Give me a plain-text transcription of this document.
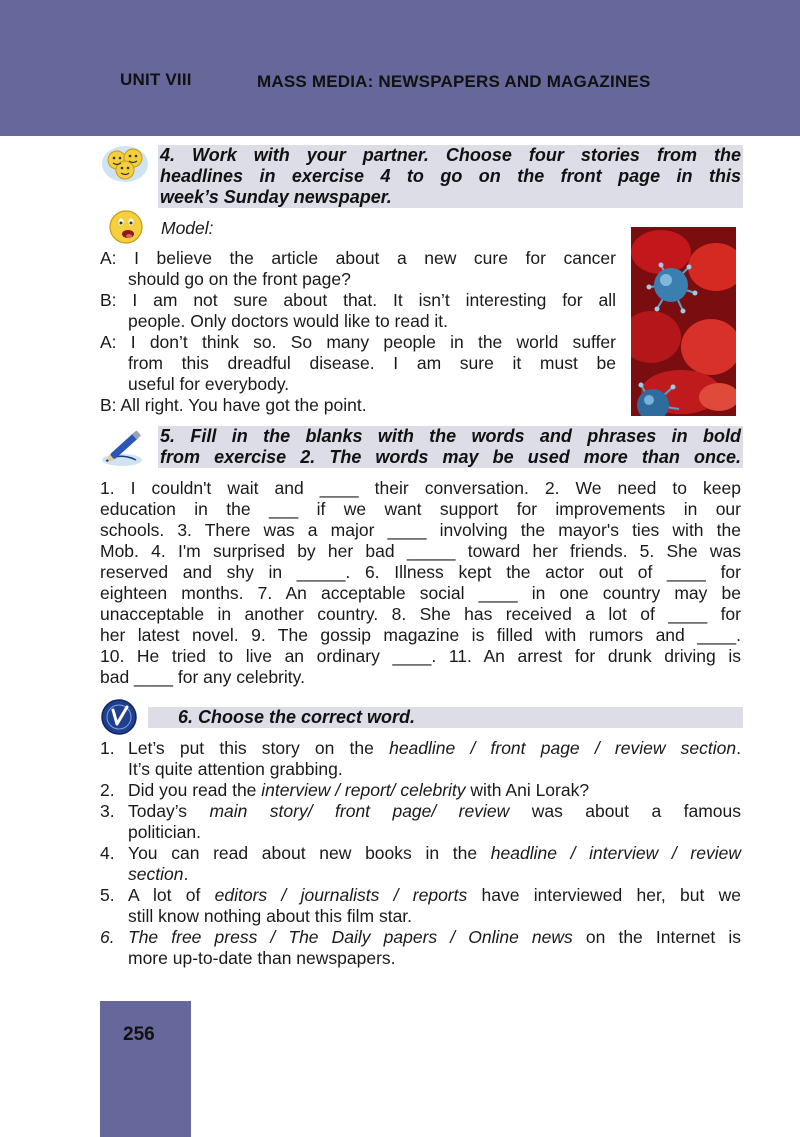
UNIT VIII	MASS MEDIA: NEWSPAPERS AND MAGAZINES
4. Work with your partner. Choose four stories from the
headlines in exercise 4 to go on the front page in this
week’s Sunday newspaper.
Model:
A: I believe the article about a new cure for cancer
should go on the front page?
B: I am not sure about that. It isn’t interesting for all
people. Only doctors would like to read it.
A: I don’t think so. So many people in the world suffer
from this dreadful disease. I am sure it must be
useful for everybody.
B: All right. You have got the point.
5. Fill in the blanks with the words and phrases in bold
from exercise 2. The words may be used more than once.
1. I couldn't wait and ____ their conversation. 2. We need to keep
education in the ___ if we want support for improvements in our
schools. 3. There was a major ____ involving the mayor's ties with the
Mob. 4. I'm surprised by her bad _____ toward her friends. 5. She was
reserved and shy in _____. 6. Illness kept the actor out of ____ for
eighteen months. 7. An acceptable social ____ in one country may be
unacceptable in another country. 8. She has received a lot of ____ for
her latest novel. 9. The gossip magazine is filled with rumors and ____.
10. He tried to live an ordinary ____. 11. An arrest for drunk driving is
bad ____ for any celebrity.
6. Choose the correct word.
1. Let’s put this story on the headline / front page / review section.
It’s quite attention grabbing.
2. Did you read the interview / report/ celebrity with Ani Lorak?
3. Today’s main story/ front page/ review was about a famous
politician.
4. You can read about new books in the headline / interview / review
section.
5. A lot of editors / journalists / reports have interviewed her, but we
still know nothing about this film star.
6. The free press / The Daily papers / Online news on the Internet is
more up-to-date than newspapers.
256
